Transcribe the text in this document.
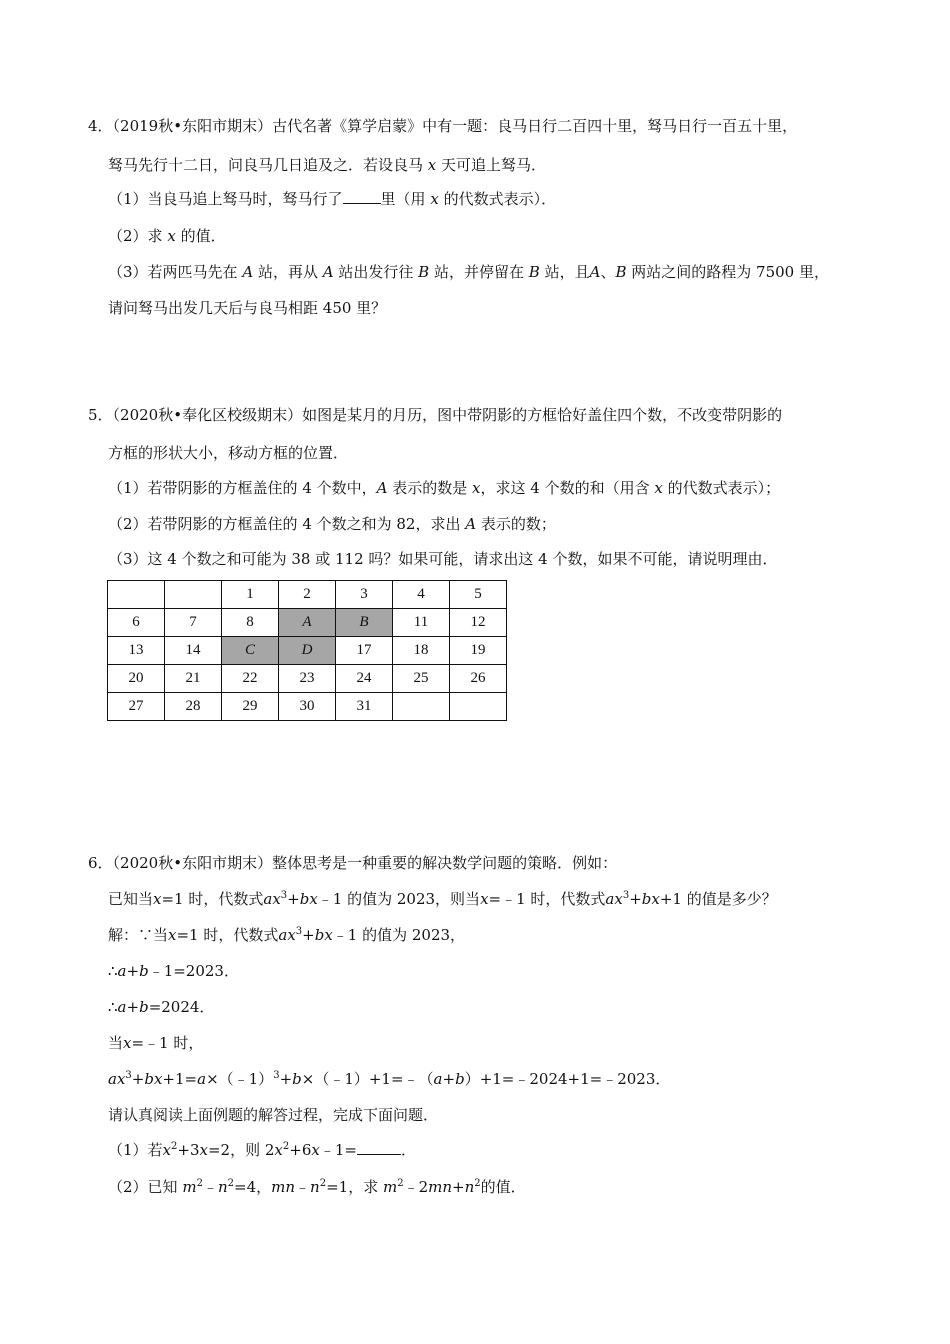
4．（2019秋•东阳市期末）古代名著《算学启蒙》中有一题：良马日行二百四十里，驽马日行一百五十里，
驽马先行十二日，问良马几日追及之．若设良马 x 天可追上驽马．
（1）当良马追上驽马时，驽马行了	里（用 x 的代数式表示）．
（2）求 x 的值．
（3）若两匹马先在 A 站，再从 A 站出发行往 B 站，并停留在 B 站，且A、B 两站之间的路程为 7500 里，
请问驽马出发几天后与良马相距 450 里？
5．（2020秋•奉化区校级期末）如图是某月的月历，图中带阴影的方框恰好盖住四个数，不改变带阴影的
方框的形状大小，移动方框的位置．
（1）若带阴影的方框盖住的 4 个数中，A 表示的数是 x，求这 4 个数的和（用含 x 的代数式表示）；
（2）若带阴影的方框盖住的 4 个数之和为 82，求出 A 表示的数；
（3）这 4 个数之和可能为 38 或 112 吗？如果可能，请求出这 4 个数，如果不可能，请说明理由．
		1	2	3	4	5
6	7	8	A	B	11	12
13	14	C	D	17	18	19
20	21	22	23	24	25	26
27	28	29	30	31		
6．（2020秋•东阳市期末）整体思考是一种重要的解决数学问题的策略．例如：
已知当x=1 时，代数式$ax^3+bx﹣1$ 的值为 2023，则当x=﹣1 时，代数式$ax^3+bx+1$ 的值是多少？
解：∵当x=1 时，代数式$ax^3+bx﹣1$ 的值为 2023，
∴a+b﹣1=2023．
∴a+b=2024．
当x=﹣1 时，
$ax^3+bx+1=a\times(﹣1)^3+b\times(﹣1)+1=﹣(a+b)+1=﹣2024+1=﹣2023$．
请认真阅读上面例题的解答过程，完成下面问题．
（1）若$x^2+3x=2$，则 $2x^2+6x﹣1=$	．
（2）已知 $m^2﹣n^2=4$，$mn﹣n^2=1$，求 $m^2﹣2mn+n^2$的值．
